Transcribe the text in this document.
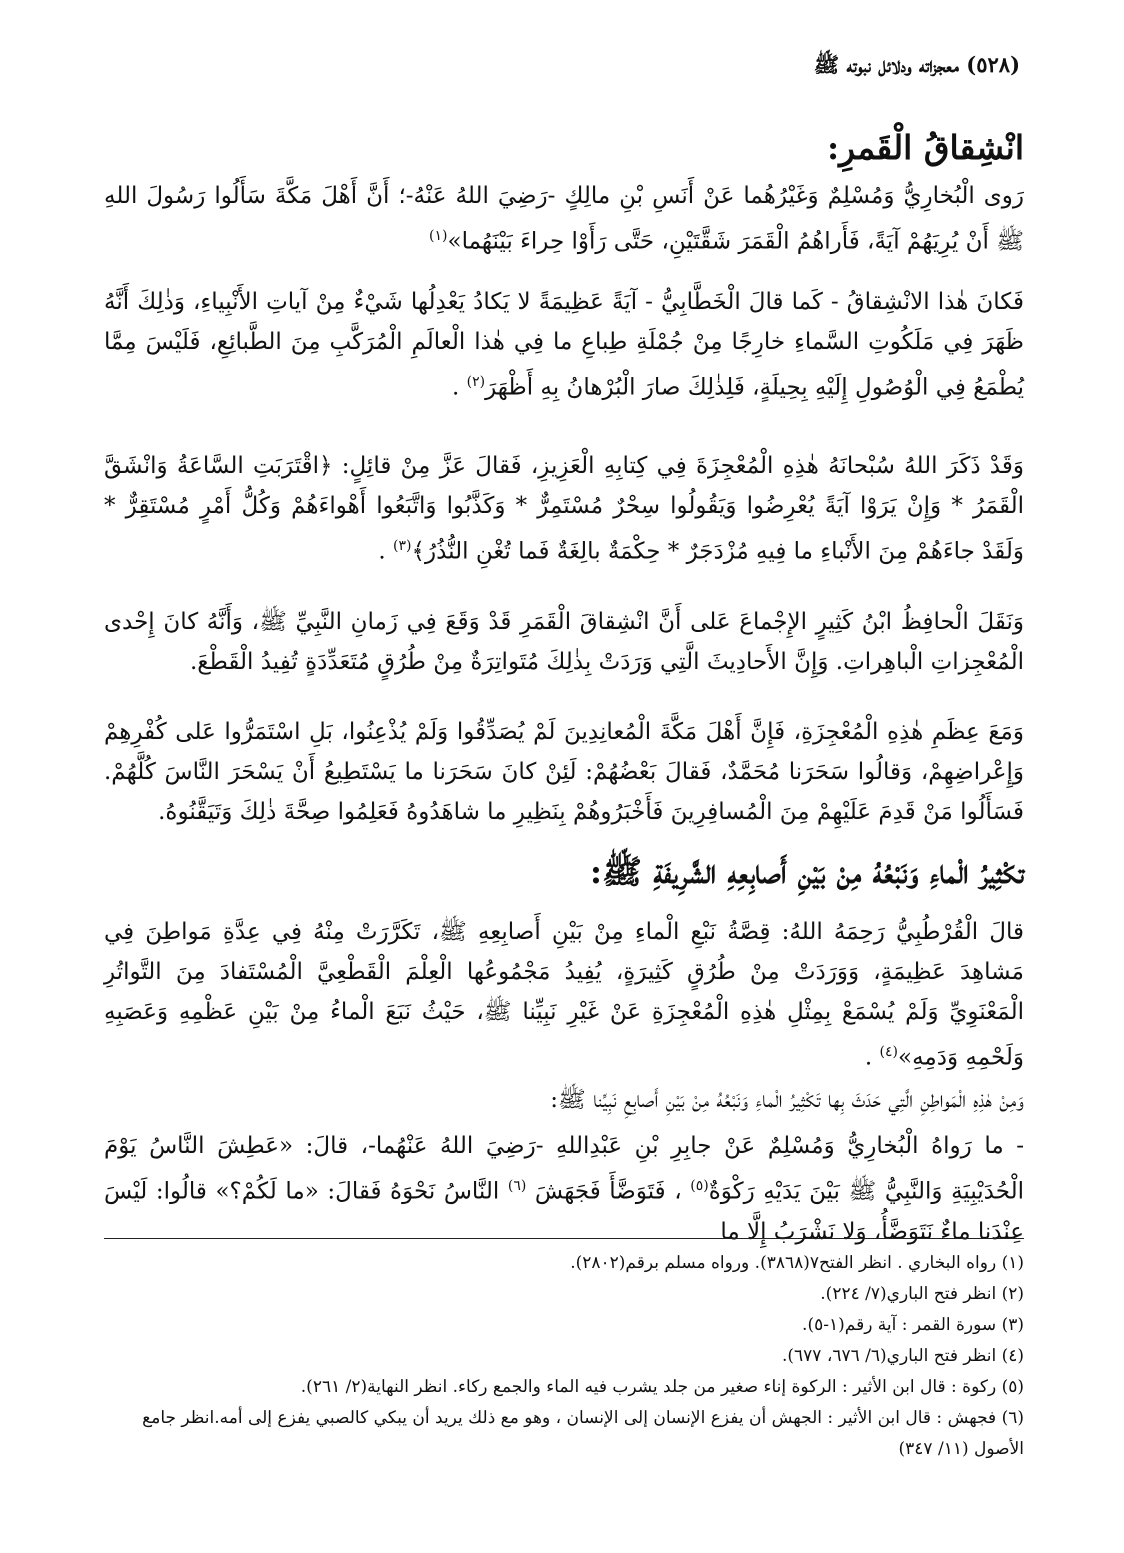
(٥٢٨) معجزاته ودلائل نبوته ﷺ
انْشِقاقُ الْقَمرِ:

رَوى الْبُخارِيُّ وَمُسْلِمٌ وَغَيْرُهُما عَنْ أَنَسِ بْنِ مالِكٍ -رَضِيَ اللهُ عَنْهُ-؛ أَنَّ أَهْلَ مَكَّةَ سَأَلُوا رَسُولَ اللهِ ﷺ أَنْ يُرِيَهُمْ آيَةً، فَأَراهُمُ الْقَمَرَ شَقَّتَيْنِ، حَتَّى رَأَوْا حِراءَ بَيْنَهُما»$^{(١)}$

فَكانَ هٰذا الانْشِقاقُ - كَما قالَ الْخَطَّابِيُّ - آيَةً عَظِيمَةً لا يَكادُ يَعْدِلُها شَيْءٌ مِنْ آياتِ الأَنْبِياءِ، وَذٰلِكَ أَنَّهُ ظَهَرَ فِي مَلَكُوتِ السَّماءِ خارِجًا مِنْ جُمْلَةِ طِباعِ ما فِي هٰذا الْعالَمِ الْمُرَكَّبِ مِنَ الطَّبائِعِ، فَلَيْسَ مِمَّا يُطْمَعُ فِي الْوُصُولِ إِلَيْهِ بِحِيلَةٍ، فَلِذٰلِكَ صارَ الْبُرْهانُ بِهِ أَظْهَرَ$^{(٢)}$ .

وَقَدْ ذَكَرَ اللهُ سُبْحانَهُ هٰذِهِ الْمُعْجِزَةَ فِي كِتابِهِ الْعَزِيزِ، فَقالَ عَزَّ مِنْ قائِلٍ: ﴿اقْتَرَبَتِ السَّاعَةُ وَانْشَقَّ الْقَمَرُ * وَإِنْ يَرَوْا آيَةً يُعْرِضُوا وَيَقُولُوا سِحْرٌ مُسْتَمِرٌّ * وَكَذَّبُوا وَاتَّبَعُوا أَهْواءَهُمْ وَكُلُّ أَمْرٍ مُسْتَقِرٌّ * وَلَقَدْ جاءَهُمْ مِنَ الأَنْباءِ ما فِيهِ مُزْدَجَرٌ * حِكْمَةٌ بالِغَةٌ فَما تُغْنِ النُّذُرُ﴾$^{(٣)}$ .

وَنَقَلَ الْحافِظُ ابْنُ كَثِيرٍ الإِجْماعَ عَلى أَنَّ انْشِقاقَ الْقَمَرِ قَدْ وَقَعَ فِي زَمانِ النَّبِيِّ ﷺ، وَأَنَّهُ كانَ إِحْدى الْمُعْجِزاتِ الْباهِراتِ. وَإِنَّ الأَحادِيثَ الَّتِي وَرَدَتْ بِذٰلِكَ مُتَواتِرَةٌ مِنْ طُرُقٍ مُتَعَدِّدَةٍ تُفِيدُ الْقَطْعَ.

وَمَعَ عِظَمِ هٰذِهِ الْمُعْجِزَةِ، فَإِنَّ أَهْلَ مَكَّةَ الْمُعانِدِينَ لَمْ يُصَدِّقُوا وَلَمْ يُذْعِنُوا، بَلِ اسْتَمَرُّوا عَلى كُفْرِهِمْ وَإِعْراضِهِمْ، وَقالُوا سَحَرَنا مُحَمَّدٌ، فَقالَ بَعْضُهُمْ: لَئِنْ كانَ سَحَرَنا ما يَسْتَطِيعُ أَنْ يَسْحَرَ النَّاسَ كُلَّهُمْ. فَسَأَلُوا مَنْ قَدِمَ عَلَيْهِمْ مِنَ الْمُسافِرِينَ فَأَخْبَرُوهُمْ بِنَظِيرِ ما شاهَدُوهُ فَعَلِمُوا صِحَّةَ ذٰلِكَ وَتَيَقَّنُوهُ.

تكْثِيرُ الْماءِ وَنَبْعُهُ مِنْ بَيْنِ أَصابِعِهِ الشَّرِيفَةِ ﷺ:

قالَ الْقُرْطُبِيُّ رَحِمَهُ اللهُ: قِصَّةُ نَبْعِ الْماءِ مِنْ بَيْنِ أَصابِعِهِ ﷺ، تَكَرَّرَتْ مِنْهُ فِي عِدَّةِ مَواطِنَ فِي مَشاهِدَ عَظِيمَةٍ، وَوَرَدَتْ مِنْ طُرُقٍ كَثِيرَةٍ، يُفِيدُ مَجْمُوعُها الْعِلْمَ الْقَطْعِيَّ الْمُسْتَفادَ مِنَ التَّواتُرِ الْمَعْنَوِيِّ وَلَمْ يُسْمَعْ بِمِثْلِ هٰذِهِ الْمُعْجِزَةِ عَنْ غَيْرِ نَبِيِّنا ﷺ، حَيْثُ نَبَعَ الْماءُ مِنْ بَيْنِ عَظْمِهِ وَعَصَبِهِ وَلَحْمِهِ وَدَمِهِ»$^{(٤)}$ .

وَمِنْ هٰذِهِ الْمَواطِنِ الَّتِي حَدَثَ بِها تَكْثِيرُ الْماءِ وَنَبْعُهُ مِنْ بَيْنِ أَصابِعِ نَبِيِّنا ﷺ:

- ما رَواهُ الْبُخارِيُّ وَمُسْلِمٌ عَنْ جابِرِ بْنِ عَبْدِاللهِ -رَضِيَ اللهُ عَنْهُما-، قالَ: «عَطِشَ النَّاسُ يَوْمَ الْحُدَيْبِيَةِ وَالنَّبِيُّ ﷺ بَيْنَ يَدَيْهِ رَكْوَةٌ$^{(٥)}$ ، فَتَوَضَّأَ فَجَهَشَ $^{(٦)}$ النَّاسُ نَحْوَهُ فَقالَ: «ما لَكُمْ؟» قالُوا: لَيْسَ عِنْدَنا ماءٌ نَتَوَضَّأُ، وَلا نَشْرَبُ إِلَّا ما

(١) رواه البخاري . انظر الفتح٧(٣٨٦٨). ورواه مسلم برقم(٢٨٠٢).
(٢) انظر فتح الباري(٧/ ٢٢٤).
(٣) سورة القمر : آية رقم(١-٥).
(٤) انظر فتح الباري(٦/ ٦٧٦، ٦٧٧).
(٥) ركوة : قال ابن الأثير : الركوة إناء صغير من جلد يشرب فيه الماء والجمع ركاء. انظر النهاية(٢/ ٢٦١).
(٦) فجهش : قال ابن الأثير : الجهش أن يفزع الإنسان إلى الإنسان ، وهو مع ذلك يريد أن يبكي كالصبي يفزع إلى أمه.انظر جامع الأصول (١١/ ٣٤٧)
